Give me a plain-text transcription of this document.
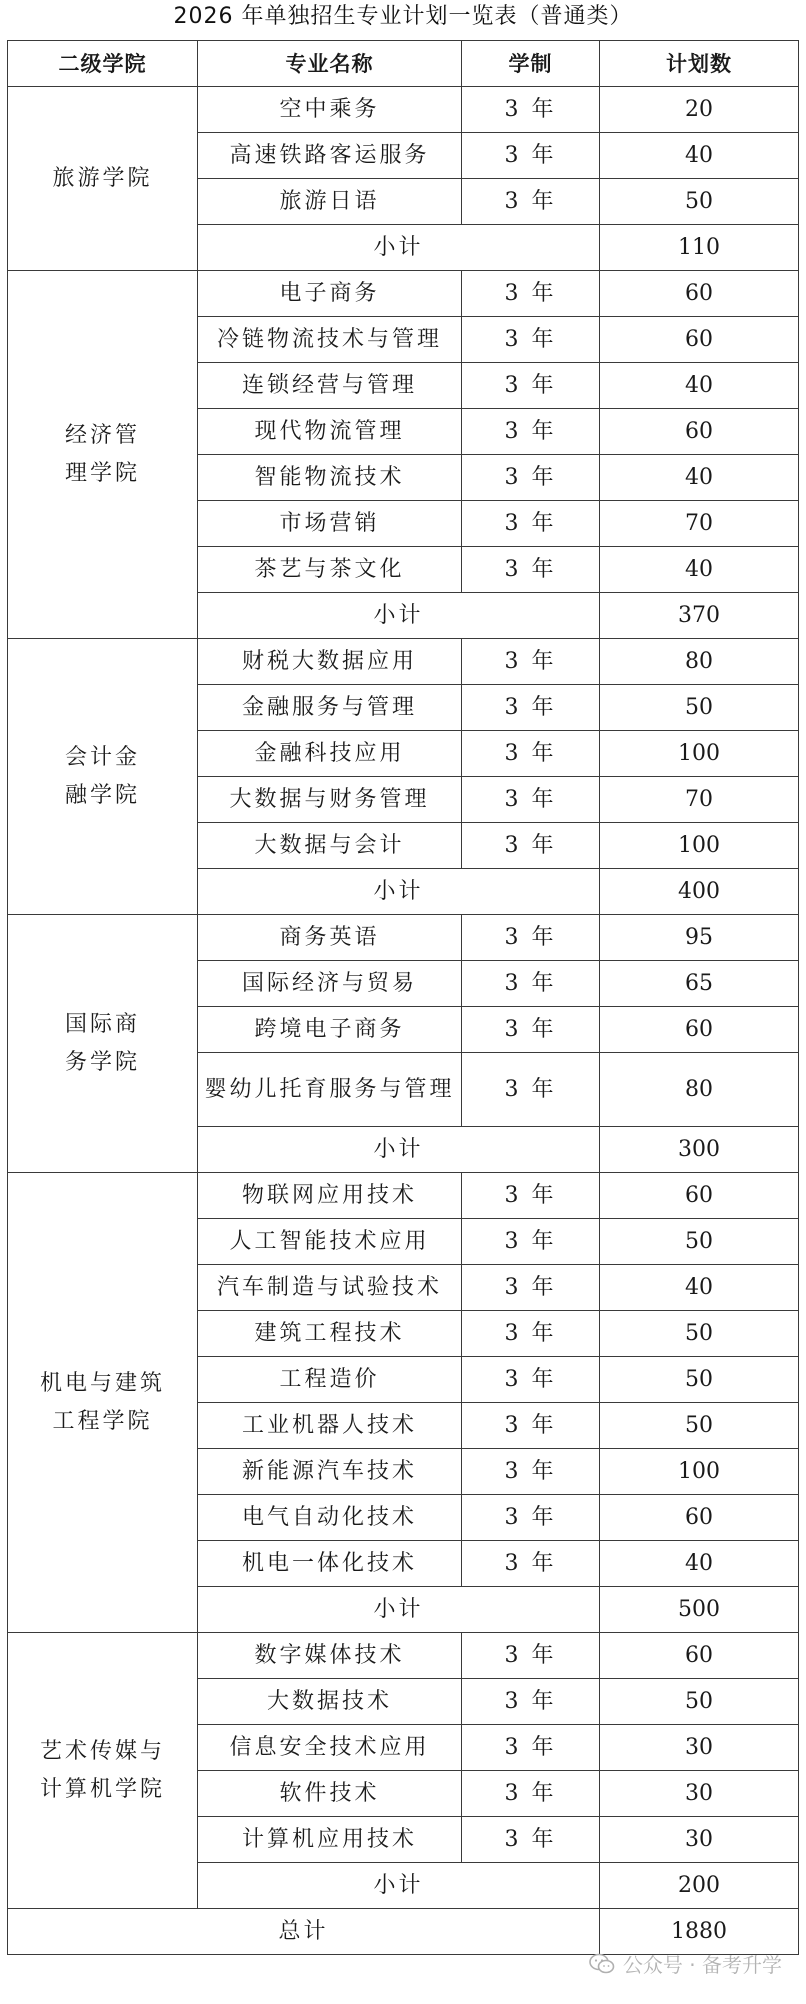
2026 年单独招生专业计划一览表（普通类）
二级学院	专业名称	学制	计划数

旅游学院	空中乘务	3 年	20
	高速铁路客运服务	3 年	40
	旅游日语	3 年	50
	小计		110

经济管
理学院	电子商务	3 年	60
	冷链物流技术与管理	3 年	60
	连锁经营与管理	3 年	40
	现代物流管理	3 年	60
	智能物流技术	3 年	40
	市场营销	3 年	70
	茶艺与茶文化	3 年	40
	小计		370

会计金
融学院	财税大数据应用	3 年	80
	金融服务与管理	3 年	50
	金融科技应用	3 年	100
	大数据与财务管理	3 年	70
	大数据与会计	3 年	100
	小计		400

国际商
务学院	商务英语	3 年	95
	国际经济与贸易	3 年	65
	跨境电子商务	3 年	60
	婴幼儿托育服务与管理	3 年	80
	小计		300

机电与建筑
工程学院	物联网应用技术	3 年	60
	人工智能技术应用	3 年	50
	汽车制造与试验技术	3 年	40
	建筑工程技术	3 年	50
	工程造价	3 年	50
	工业机器人技术	3 年	50
	新能源汽车技术	3 年	100
	电气自动化技术	3 年	60
	机电一体化技术	3 年	40
	小计		500

艺术传媒与
计算机学院	数字媒体技术	3 年	60
	大数据技术	3 年	50
	信息安全技术应用	3 年	30
	软件技术	3 年	30
	计算机应用技术	3 年	30
	小计		200
总计			1880
公众号 · 备考升学
